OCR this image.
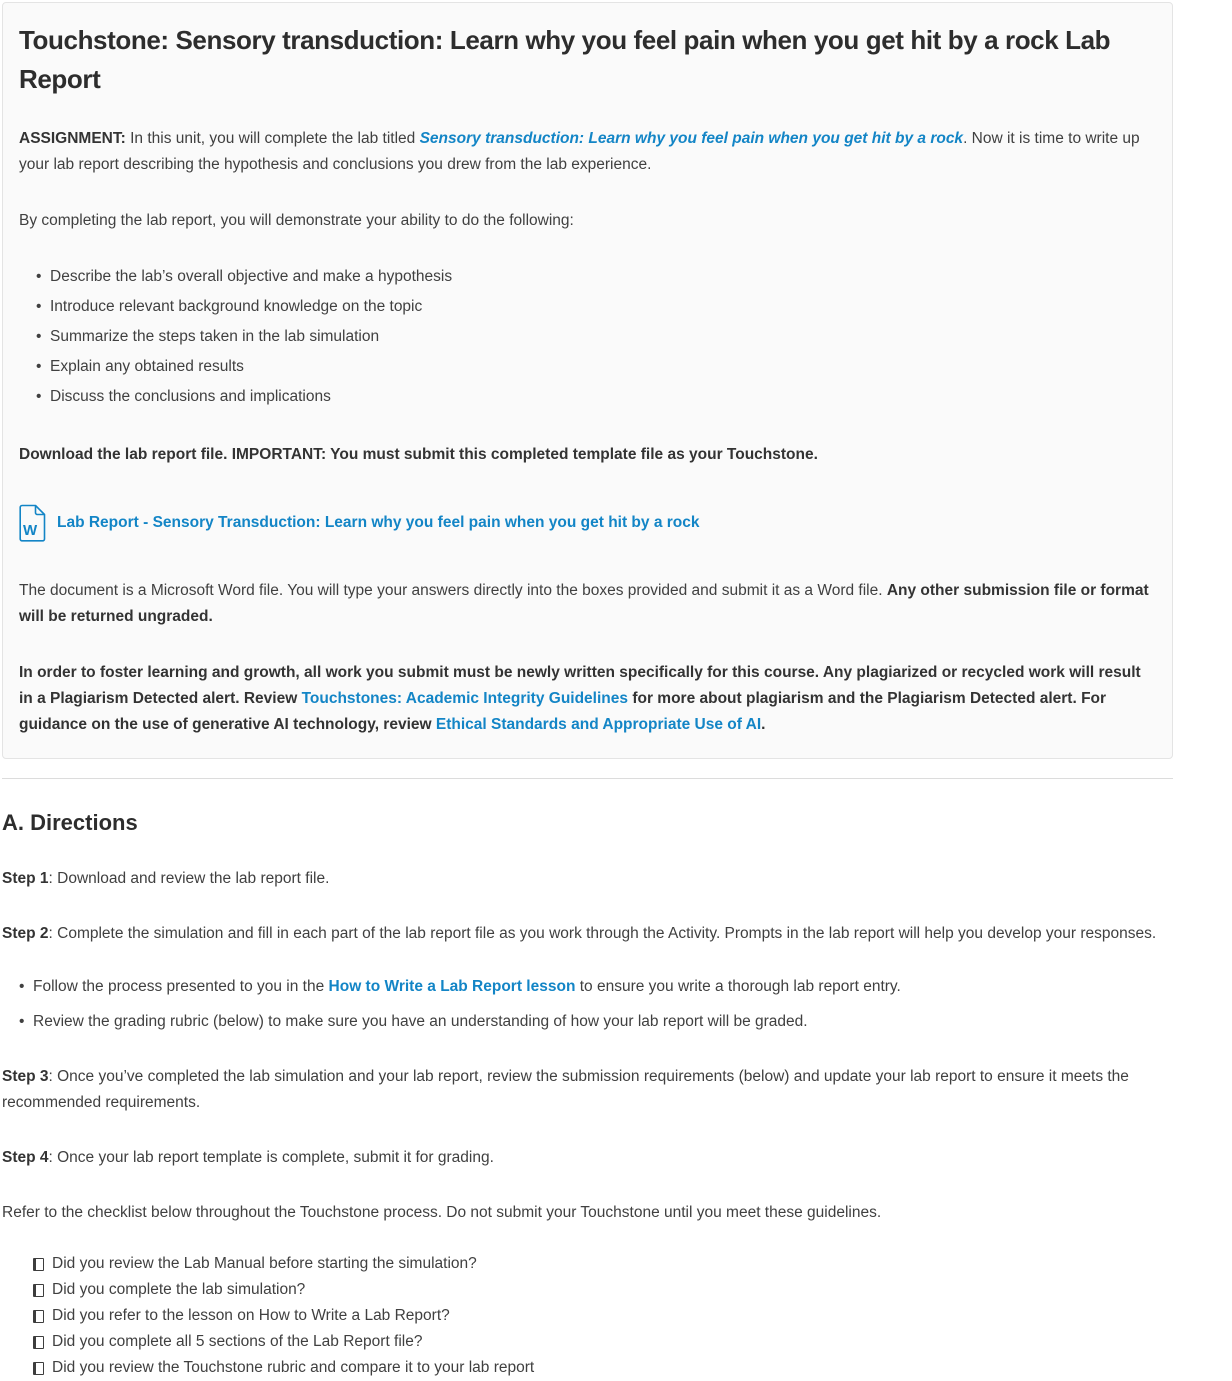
Touchstone: Sensory transduction: Learn why you feel pain when you get hit by a rock Lab Report

ASSIGNMENT: In this unit, you will complete the lab titled Sensory transduction: Learn why you feel pain when you get hit by a rock. Now it is time to write up your lab report describing the hypothesis and conclusions you drew from the lab experience.

By completing the lab report, you will demonstrate your ability to do the following:

• Describe the lab’s overall objective and make a hypothesis
• Introduce relevant background knowledge on the topic
• Summarize the steps taken in the lab simulation
• Explain any obtained results
• Discuss the conclusions and implications

Download the lab report file. IMPORTANT: You must submit this completed template file as your Touchstone.

W Lab Report - Sensory Transduction: Learn why you feel pain when you get hit by a rock

The document is a Microsoft Word file. You will type your answers directly into the boxes provided and submit it as a Word file. Any other submission file or format will be returned ungraded.

In order to foster learning and growth, all work you submit must be newly written specifically for this course. Any plagiarized or recycled work will result in a Plagiarism Detected alert. Review Touchstones: Academic Integrity Guidelines for more about plagiarism and the Plagiarism Detected alert. For guidance on the use of generative AI technology, review Ethical Standards and Appropriate Use of AI.

A. Directions

Step 1: Download and review the lab report file.

Step 2: Complete the simulation and fill in each part of the lab report file as you work through the Activity. Prompts in the lab report will help you develop your responses.

• Follow the process presented to you in the How to Write a Lab Report lesson to ensure you write a thorough lab report entry.
• Review the grading rubric (below) to make sure you have an understanding of how your lab report will be graded.

Step 3: Once you’ve completed the lab simulation and your lab report, review the submission requirements (below) and update your lab report to ensure it meets the recommended requirements.

Step 4: Once your lab report template is complete, submit it for grading.

Refer to the checklist below throughout the Touchstone process. Do not submit your Touchstone until you meet these guidelines.

Did you review the Lab Manual before starting the simulation?
Did you complete the lab simulation?
Did you refer to the lesson on How to Write a Lab Report?
Did you complete all 5 sections of the Lab Report file?
Did you review the Touchstone rubric and compare it to your lab report
